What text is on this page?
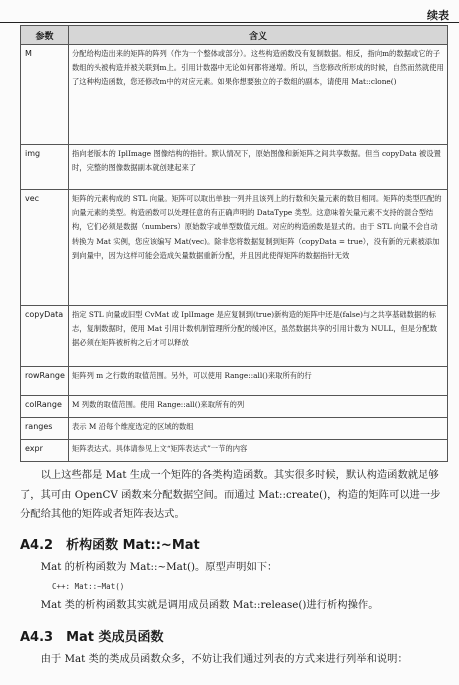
续表
参数	含义
M	分配给构造出来的矩阵的阵列（作为一个整体或部分）。这些构造函数没有复制数据。相反，指向m的数据或它的子数组的头被构造并被关联到m上。引用计数器中无论如何都将递增。所以，当您修改所形成的时候，自然而然就使用了这种构造函数，您还修改m中的对应元素。如果你想要独立的子数组的副本，请使用 Mat::clone()
img	指向老版本的 IplImage 图像结构的指针。默认情况下，原始图像和新矩阵之间共享数据。但当 copyData 被设置时，完整的图像数据副本就创建起来了
vec	矩阵的元素构成的 STL 向量。矩阵可以取出单独一列并且该列上的行数和矢量元素的数目相同。矩阵的类型匹配的向量元素的类型。构造函数可以处理任意的有正确声明的 DataType 类型。这意味着矢量元素不支持的混合型结构，它们必须是数据（numbers）原始数字或单型数值元组。对应的构造函数是显式的。由于 STL 向量不会自动转换为 Mat 实例，您应该编写 Mat(vec)。除非您将数据复制到矩阵（copyData = true），没有新的元素被添加到向量中，因为这样可能会造成矢量数据重新分配，并且因此使得矩阵的数据指针无效
copyData	指定 STL 向量或旧型 CvMat 或 IplImage 是应复制到(true)新构造的矩阵中还是(false)与之共享基础数据的标志，复制数据时，使用 Mat 引用计数机制管理所分配的缓冲区，虽然数据共享的引用计数为 NULL，但是分配数据必须在矩阵被析构之后才可以释放
rowRange	矩阵列 m 之行数的取值范围。另外，可以使用 Range::all()来取所有的行
colRange	M 列数的取值范围。使用 Range::all()来取所有的列
ranges	表示 M 沿每个维度选定的区域的数组
expr	矩阵表达式。具体请参见上文“矩阵表达式”一节的内容
以上这些都是 Mat 生成一个矩阵的各类构造函数。其实很多时候，默认构造函数就足够了，其可由 OpenCV 函数来分配数据空间。而通过 Mat::create()，构造的矩阵可以进一步分配给其他的矩阵或者矩阵表达式。
A4.2　析构函数 Mat::~Mat
Mat 的析构函数为 Mat::~Mat()。原型声明如下：
C++: Mat::~Mat()
Mat 类的析构函数其实就是调用成员函数 Mat::release()进行析构操作。
A4.3　Mat 类成员函数
由于 Mat 类的类成员函数众多，不妨让我们通过列表的方式来进行列举和说明：
